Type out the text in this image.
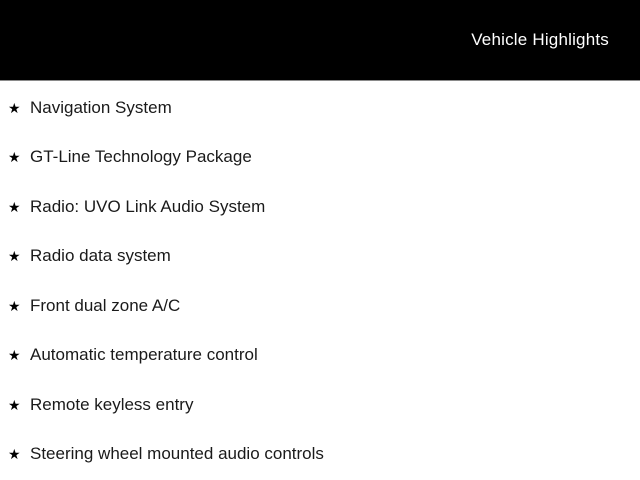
Vehicle Highlights
★ Navigation System
★ GT-Line Technology Package
★ Radio: UVO Link Audio System
★ Radio data system
★ Front dual zone A/C
★ Automatic temperature control
★ Remote keyless entry
★ Steering wheel mounted audio controls
